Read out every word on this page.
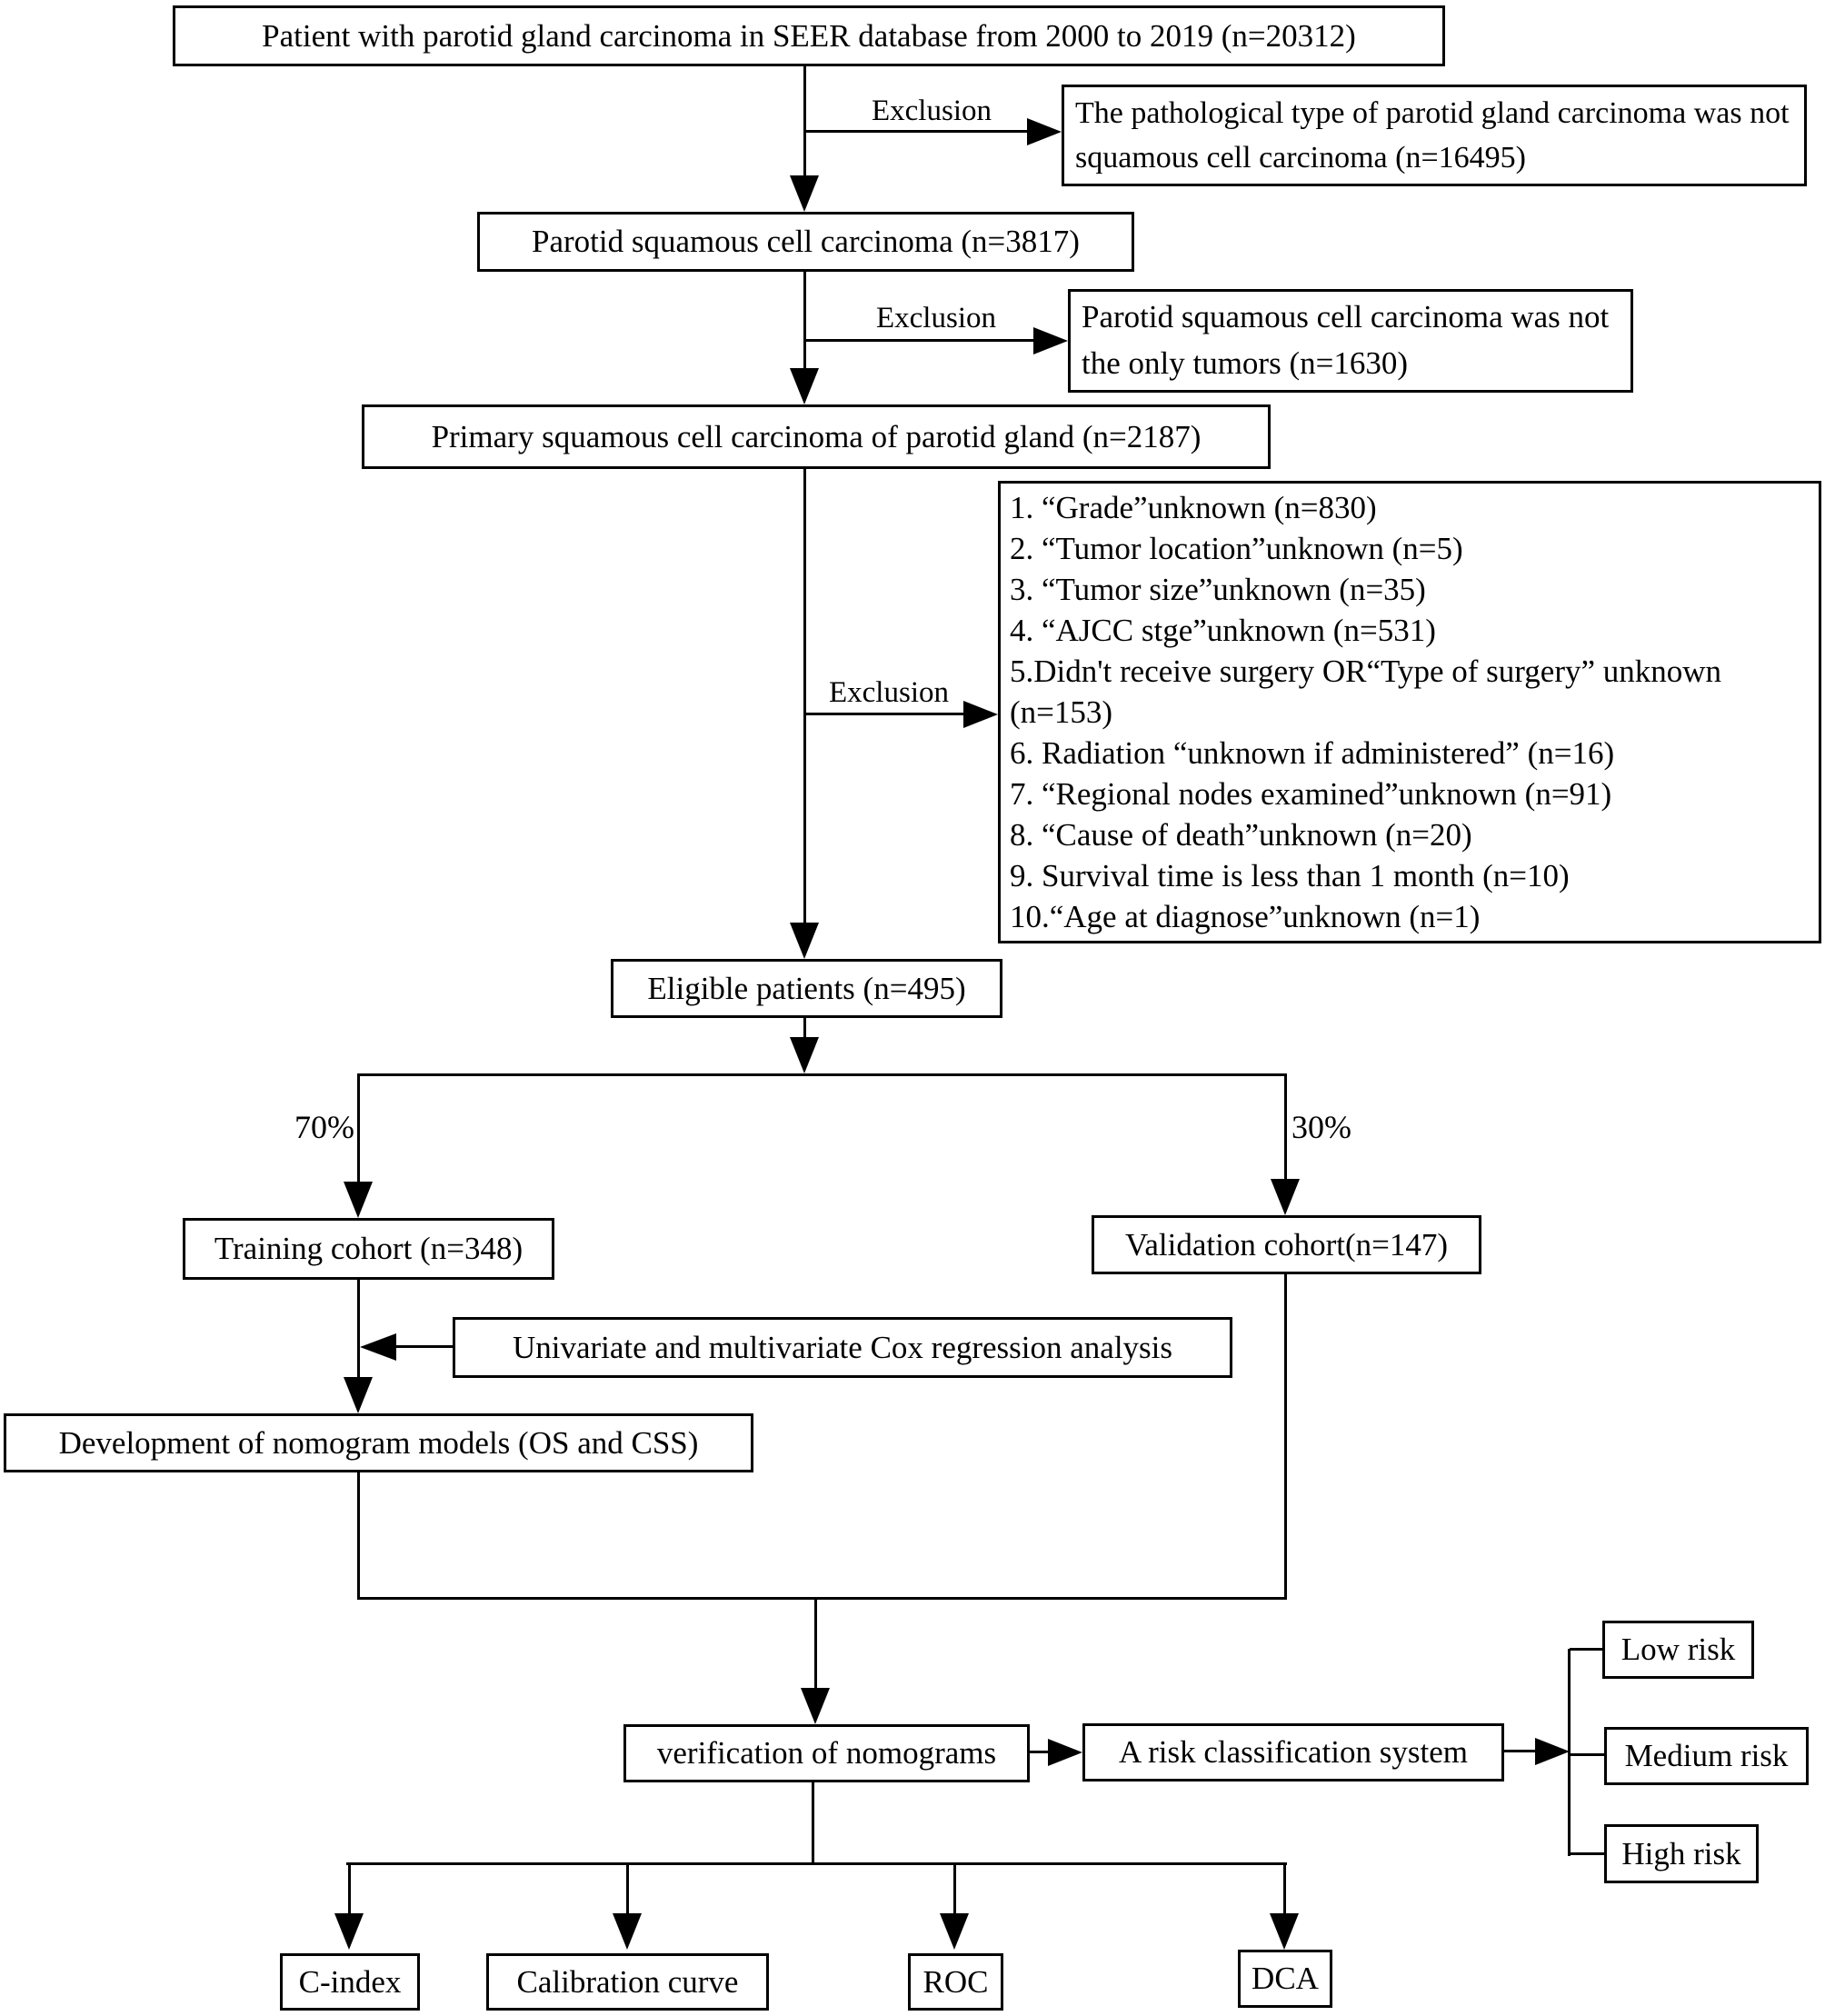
Patient with parotid gland carcinoma in SEER database from 2000 to 2019 (n=20312)
Parotid squamous cell carcinoma (n=3817)
Primary squamous cell carcinoma of parotid gland (n=2187)
Eligible patients (n=495)
Training cohort (n=348)	Validation cohort(n=147)
Univariate and multivariate Cox regression analysis
Development of nomogram models (OS and CSS)
verification of nomograms	A risk classification system
Low risk
Medium risk
High risk
C-index	Calibration curve	ROC	DCA
The pathological type of parotid gland carcinoma was not squamous cell carcinoma (n=16495)
Parotid squamous cell carcinoma was not the only tumors (n=1630)
1. “Grade”unknown (n=830)
2. “Tumor location”unknown (n=5)
3. “Tumor size”unknown (n=35)
4. “AJCC stge”unknown (n=531)
5.Didn't receive surgery OR“Type of surgery” unknown (n=153)
6. Radiation “unknown if administered” (n=16)
7. “Regional nodes examined”unknown (n=91)
8. “Cause of death”unknown (n=20)
9. Survival time is less than 1 month (n=10)
10.“Age at diagnose”unknown (n=1)
Exclusion
Exclusion
Exclusion
70%	30%
